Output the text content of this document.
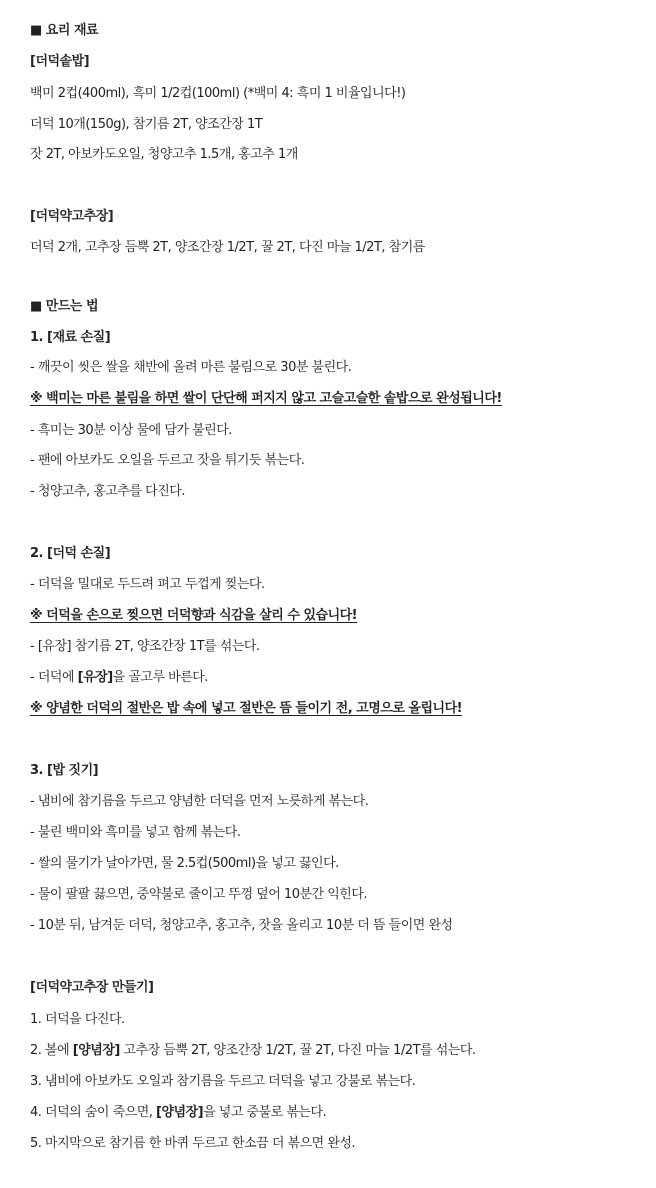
■ 요리 재료
[더덕솥밥]
백미 2컵(400ml), 흑미 1/2컵(100ml) (*백미 4: 흑미 1 비율입니다!)
더덕 10개(150g), 참기름 2T, 양조간장 1T
잣 2T, 아보카도오일, 청양고추 1.5개, 홍고추 1개
[더덕약고추장]
더덕 2개, 고추장 듬뿍 2T, 양조간장 1/2T, 꿀 2T, 다진 마늘 1/2T, 참기름
■ 만드는 법
1. [재료 손질]
- 깨끗이 씻은 쌀을 채반에 올려 마른 불림으로 30분 불린다.
※ 백미는 마른 불림을 하면 쌀이 단단해 퍼지지 않고 고슬고슬한 솥밥으로 완성됩니다!
- 흑미는 30분 이상 물에 담가 불린다.
- 팬에 아보카도 오일을 두르고 잣을 튀기듯 볶는다.
- 청양고추, 홍고추를 다진다.
2. [더덕 손질]
- 더덕을 밀대로 두드려 펴고 두껍게 찢는다.
※ 더덕을 손으로 찢으면 더덕향과 식감을 살리 수 있습니다!
- [유장] 참기름 2T, 양조간장 1T를 섞는다.
- 더덕에 [유장]을 골고루 바른다.
※ 양념한 더덕의 절반은 밥 속에 넣고 절반은 뜸 들이기 전, 고명으로 올립니다!
3. [밥 짓기]
- 냄비에 참기름을 두르고 양념한 더덕을 먼저 노릇하게 볶는다.
- 불린 백미와 흑미를 넣고 함께 볶는다.
- 쌀의 물기가 날아가면, 물 2.5컵(500ml)을 넣고 끓인다.
- 물이 팔팔 끓으면, 중약불로 줄이고 뚜껑 덮어 10분간 익힌다.
- 10분 뒤, 남겨둔 더덕, 청양고추, 홍고추, 잣을 올리고 10분 더 뜸 들이면 완성
[더덕약고추장 만들기]
1. 더덕을 다진다.
2. 볼에 [양념장] 고추장 듬뿍 2T, 양조간장 1/2T, 꿀 2T, 다진 마늘 1/2T를 섞는다.
3. 냄비에 아보카도 오일과 참기름을 두르고 더덕을 넣고 강불로 볶는다.
4. 더덕의 숨이 죽으면, [양념장]을 넣고 중불로 볶는다.
5. 마지막으로 참기름 한 바퀴 두르고 한소끔 더 볶으면 완성.
